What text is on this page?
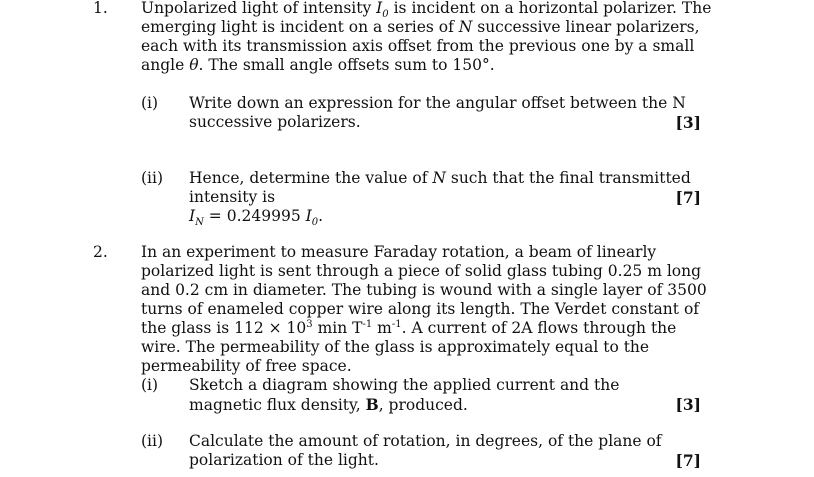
1. Unpolarized light of intensity $I_0$ is incident on a horizontal polarizer. The emerging light is incident on a series of N successive linear polarizers, each with its transmission axis offset from the previous one by a small angle θ. The small angle offsets sum to 150°.
(i) Write down an expression for the angular offset between the N successive polarizers.	[3]
(ii) Hence, determine the value of N such that the final transmitted intensity is
$I_N = 0.249995$ $I_0$.
[7]
2. In an experiment to measure Faraday rotation, a beam of linearly polarized light is sent through a piece of solid glass tubing 0.25 m long and 0.2 cm in diameter. The tubing is wound with a single layer of 3500 turns of enameled copper wire along its length. The Verdet constant of the glass is $112 \times 10^3$ $\min T^{-1}$ $m^{-1}$. A current of 2A flows through the wire. The permeability of the glass is approximately equal to the permeability of free space.
(i) Sketch a diagram showing the applied current and the magnetic flux density, B, produced.	[3]
(ii) Calculate the amount of rotation, in degrees, of the plane of polarization of the light.	[7]
